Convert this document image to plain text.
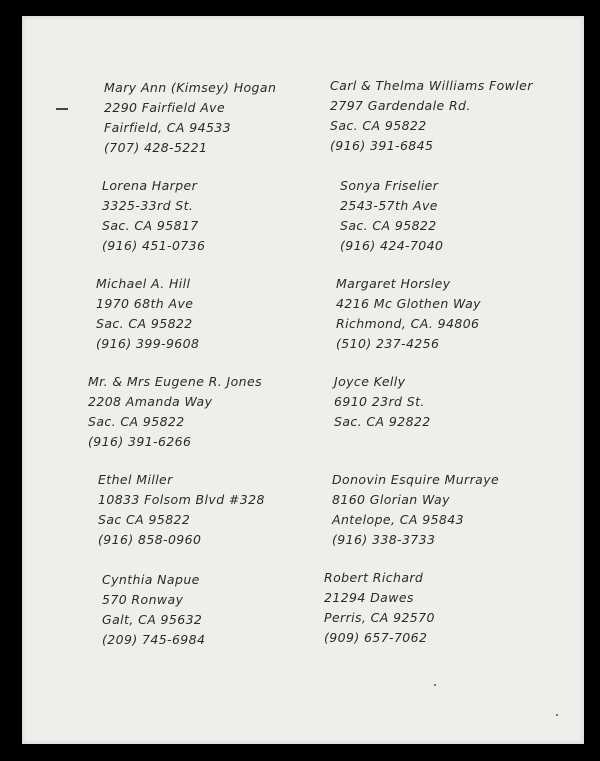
Mary Ann (Kimsey) Hogan
2290 Fairfield Ave
Fairfield, CA 94533
(707) 428-5221
Carl & Thelma Williams Fowler
2797 Gardendale Rd.
Sac. CA 95822
(916) 391-6845
Lorena Harper
3325-33rd St.
Sac. CA 95817
(916) 451-0736
Sonya Friselier
2543-57th Ave
Sac. CA 95822
(916) 424-7040
Michael A. Hill
1970 68th Ave
Sac. CA 95822
(916) 399-9608
Margaret Horsley
4216 Mc Glothen Way
Richmond, CA. 94806
(510) 237-4256
Mr. & Mrs Eugene R. Jones
2208 Amanda Way
Sac. CA 95822
(916) 391-6266
Joyce Kelly
6910 23rd St.
Sac. CA 92822
Ethel Miller
10833 Folsom Blvd #328
Sac CA 95822
(916) 858-0960
Donovin Esquire Murraye
8160 Glorian Way
Antelope, CA 95843
(916) 338-3733
Cynthia Napue
570 Ronway
Galt, CA 95632
(209) 745-6984
Robert Richard
21294 Dawes
Perris, CA 92570
(909) 657-7062
